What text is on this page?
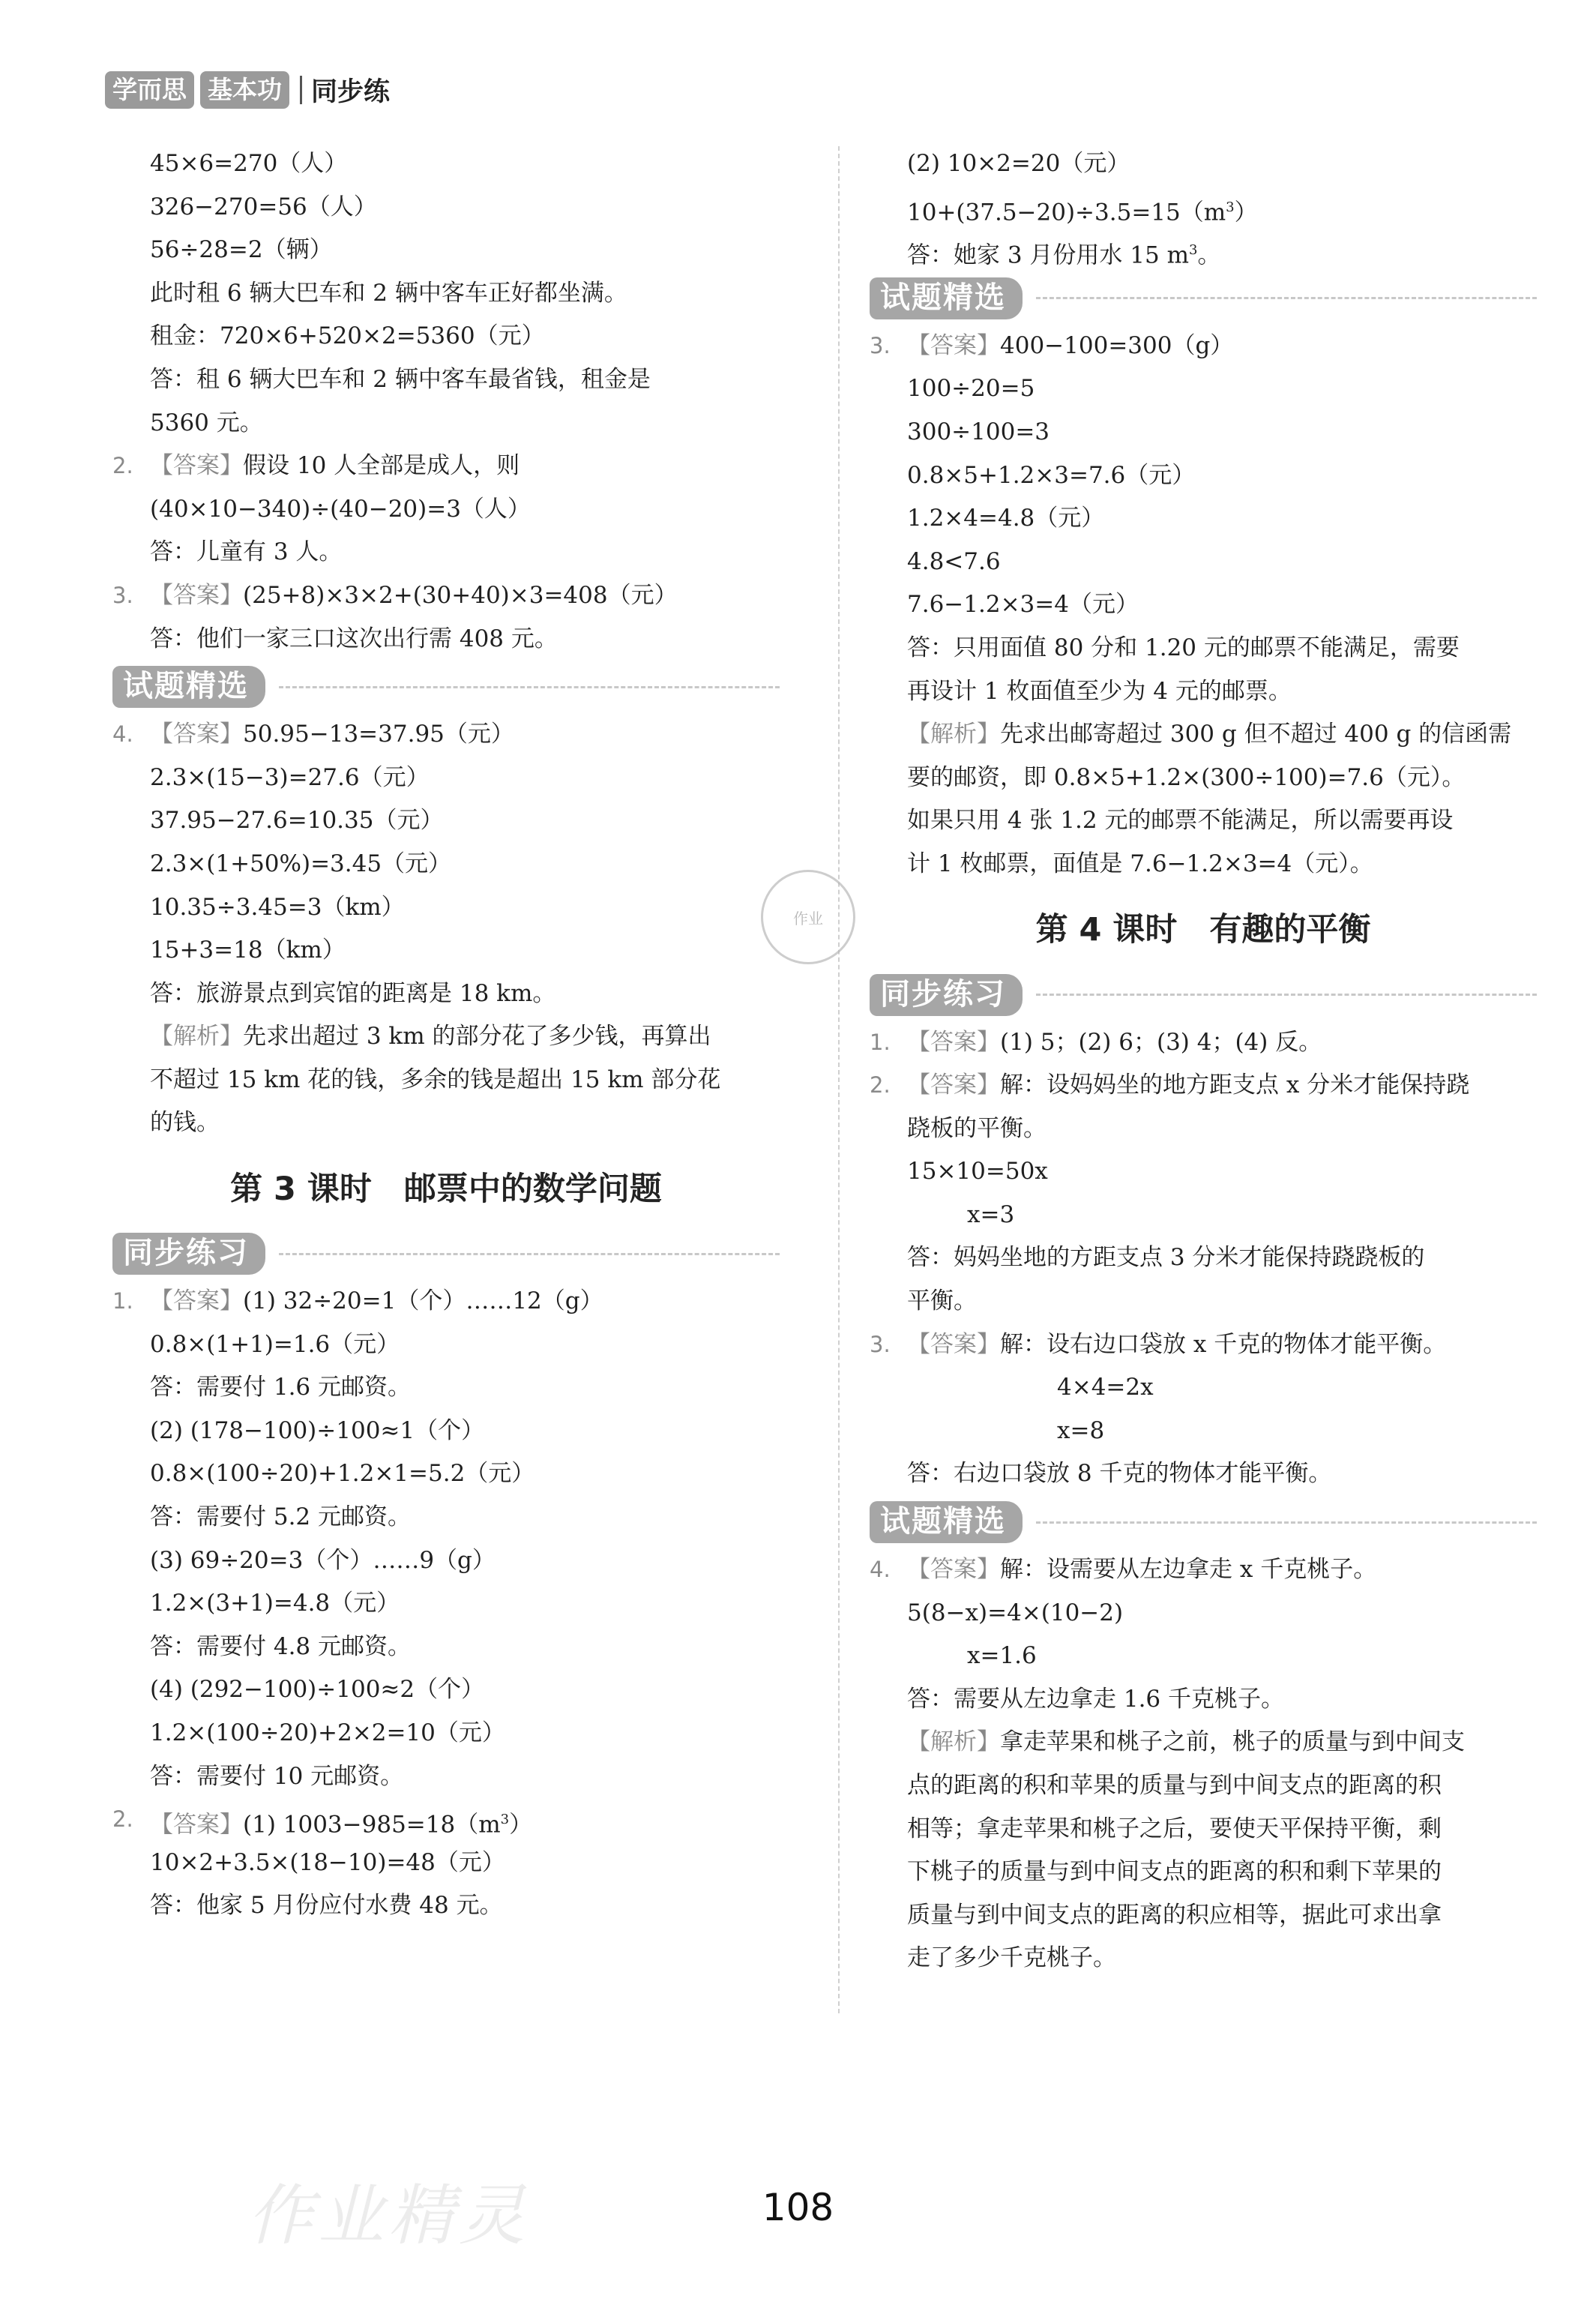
学而思 基本功 同步练
45×6=270（人）
326−270=56（人）
56÷28=2（辆）
此时租 6 辆大巴车和 2 辆中客车正好都坐满。
租金：720×6+520×2=5360（元）
答：租 6 辆大巴车和 2 辆中客车最省钱，租金是
5360 元。
2. 【答案】假设 10 人全部是成人，则
(40×10−340)÷(40−20)=3（人）
答：儿童有 3 人。
3. 【答案】(25+8)×3×2+(30+40)×3=408（元）
答：他们一家三口这次出行需 408 元。
试题精选
4. 【答案】50.95−13=37.95（元）
2.3×(15−3)=27.6（元）
37.95−27.6=10.35（元）
2.3×(1+50%)=3.45（元）
10.35÷3.45=3（km）
15+3=18（km）
答：旅游景点到宾馆的距离是 18 km。
【解析】先求出超过 3 km 的部分花了多少钱，再算出
不超过 15 km 花的钱，多余的钱是超出 15 km 部分花
的钱。
第 3 课时　邮票中的数学问题
同步练习
1. 【答案】(1) 32÷20=1（个）……12（g）
0.8×(1+1)=1.6（元）
答：需要付 1.6 元邮资。
(2) (178−100)÷100≈1（个）
0.8×(100÷20)+1.2×1=5.2（元）
答：需要付 5.2 元邮资。
(3) 69÷20=3（个）……9（g）
1.2×(3+1)=4.8（元）
答：需要付 4.8 元邮资。
(4) (292−100)÷100≈2（个）
1.2×(100÷20)+2×2=10（元）
答：需要付 10 元邮资。
2. 【答案】(1) $1003-985=18(m^3)$
10×2+3.5×(18−10)=48（元）
答：他家 5 月份应付水费 48 元。
作业
(2) 10×2=20（元）
$10+(37.5-20)\div 3.5=15(m^3)$
答：她家 3 月份用水 15 $m^3$。
试题精选
3. 【答案】400−100=300（g）
100÷20=5
300÷100=3
0.8×5+1.2×3=7.6（元）
1.2×4=4.8（元）
4.8<7.6
7.6−1.2×3=4（元）
答：只用面值 80 分和 1.20 元的邮票不能满足，需要
再设计 1 枚面值至少为 4 元的邮票。
【解析】先求出邮寄超过 300 g 但不超过 400 g 的信函需
要的邮资，即 0.8×5+1.2×(300÷100)=7.6（元）。
如果只用 4 张 1.2 元的邮票不能满足，所以需要再设
计 1 枚邮票，面值是 7.6−1.2×3=4（元）。
第 4 课时　有趣的平衡
同步练习
1. 【答案】(1) 5；(2) 6；(3) 4；(4) 反。
2. 【答案】解：设妈妈坐的地方距支点 x 分米才能保持跷
跷板的平衡。
15×10=50x
x=3
答：妈妈坐地的方距支点 3 分米才能保持跷跷板的
平衡。
3. 【答案】解：设右边口袋放 x 千克的物体才能平衡。
4×4=2x
x=8
答：右边口袋放 8 千克的物体才能平衡。
试题精选
4. 【答案】解：设需要从左边拿走 x 千克桃子。
5(8−x)=4×(10−2)
x=1.6
答：需要从左边拿走 1.6 千克桃子。
【解析】拿走苹果和桃子之前，桃子的质量与到中间支
点的距离的积和苹果的质量与到中间支点的距离的积
相等；拿走苹果和桃子之后，要使天平保持平衡，剩
下桃子的质量与到中间支点的距离的积和剩下苹果的
质量与到中间支点的距离的积应相等，据此可求出拿
走了多少千克桃子。
108
作业精灵
